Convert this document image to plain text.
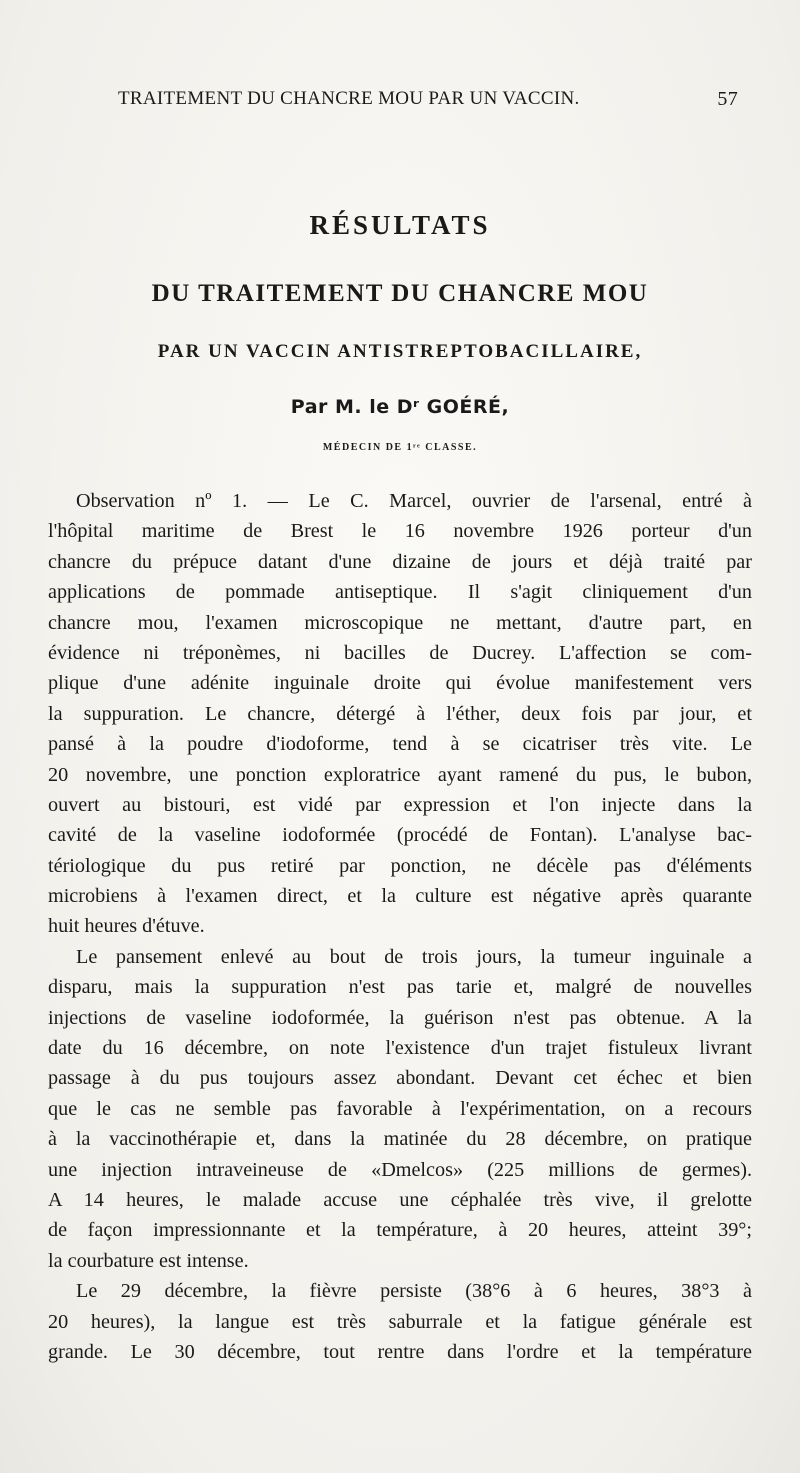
TRAITEMENT DU CHANCRE MOU PAR UN VACCIN.	57
RÉSULTATS
DU TRAITEMENT DU CHANCRE MOU
PAR UN VACCIN ANTISTREPTOBACILLAIRE,
Par M. le Dʳ GOÉRÉ,
MÉDECIN DE 1ʳᵉ CLASSE.
Observation nº 1. — Le C. Marcel, ouvrier de l'arsenal, entré à
l'hôpital maritime de Brest le 16 novembre 1926 porteur d'un
chancre du prépuce datant d'une dizaine de jours et déjà traité par
applications de pommade antiseptique. Il s'agit cliniquement d'un
chancre mou, l'examen microscopique ne mettant, d'autre part, en
évidence ni tréponèmes, ni bacilles de Ducrey. L'affection se com-
plique d'une adénite inguinale droite qui évolue manifestement vers
la suppuration. Le chancre, détergé à l'éther, deux fois par jour, et
pansé à la poudre d'iodoforme, tend à se cicatriser très vite. Le
20 novembre, une ponction exploratrice ayant ramené du pus, le bubon,
ouvert au bistouri, est vidé par expression et l'on injecte dans la
cavité de la vaseline iodoformée (procédé de Fontan). L'analyse bac-
tériologique du pus retiré par ponction, ne décèle pas d'éléments
microbiens à l'examen direct, et la culture est négative après quarante
huit heures d'étuve.
Le pansement enlevé au bout de trois jours, la tumeur inguinale a
disparu, mais la suppuration n'est pas tarie et, malgré de nouvelles
injections de vaseline iodoformée, la guérison n'est pas obtenue. A la
date du 16 décembre, on note l'existence d'un trajet fistuleux livrant
passage à du pus toujours assez abondant. Devant cet échec et bien
que le cas ne semble pas favorable à l'expérimentation, on a recours
à la vaccinothérapie et, dans la matinée du 28 décembre, on pratique
une injection intraveineuse de «Dmelcos» (225 millions de germes).
A 14 heures, le malade accuse une céphalée très vive, il grelotte
de façon impressionnante et la température, à 20 heures, atteint 39°;
la courbature est intense.
Le 29 décembre, la fièvre persiste (38°6 à 6 heures, 38°3 à
20 heures), la langue est très saburrale et la fatigue générale est
grande. Le 30 décembre, tout rentre dans l'ordre et la température
